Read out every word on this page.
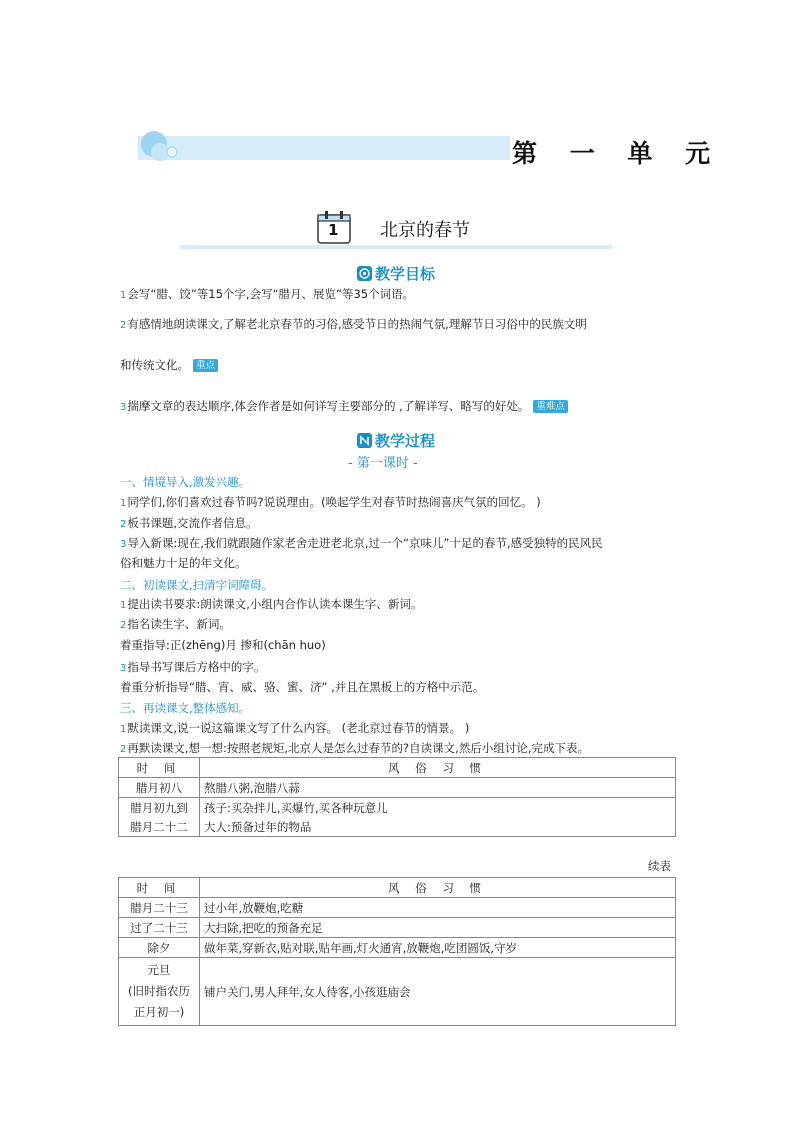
第 一 单 元
1 北京的春节
教学目标
1会写“腊、饺”等15个字,会写“腊月、展览”等35个词语。
2有感情地朗读课文,了解老北京春节的习俗,感受节日的热闹气氛,理解节日习俗中的民族文明
和传统文化。 重点
3揣摩文章的表达顺序,体会作者是如何详写主要部分的 ,了解详写、略写的好处。 重难点
教学过程
- 第一课时 -
一、情境导入,激发兴趣。
1同学们,你们喜欢过春节吗?说说理由。(唤起学生对春节时热闹喜庆气氛的回忆。 )
2板书课题,交流作者信息。
3导入新课:现在,我们就跟随作家老舍走进老北京,过一个“京味儿”十足的春节,感受独特的民风民
俗和魅力十足的年文化。
二、初读课文,扫清字词障碍。
1提出读书要求:朗读课文,小组内合作认读本课生字、新词。
2指名读生字、新词。
着重指导:正(zhēng)月 掺和(chān huo)
3指导书写课后方格中的字。
着重分析指导“腊、宵、威、骆、蜜、济” ,并且在黑板上的方格中示范。
三、再读课文,整体感知。
1默读课文,说一说这篇课文写了什么内容。 (老北京过春节的情景。 )
2再默读课文,想一想:按照老规矩,北京人是怎么过春节的?自读课文,然后小组讨论,完成下表。
时 间	风 俗 习 惯
腊月初八	熬腊八粥,泡腊八蒜
腊月初九到	孩子:买杂拌儿,买爆竹,买各种玩意儿
腊月二十二	大人:预备过年的物品
续表
时 间	风 俗 习 惯
腊月二十三	过小年,放鞭炮,吃糖
过了二十三	大扫除,把吃的预备充足
除夕	做年菜,穿新衣,贴对联,贴年画,灯火通宵,放鞭炮,吃团圆饭,守岁

元旦
(旧时指农历
正月初一)	铺户关门,男人拜年,女人待客,小孩逛庙会
